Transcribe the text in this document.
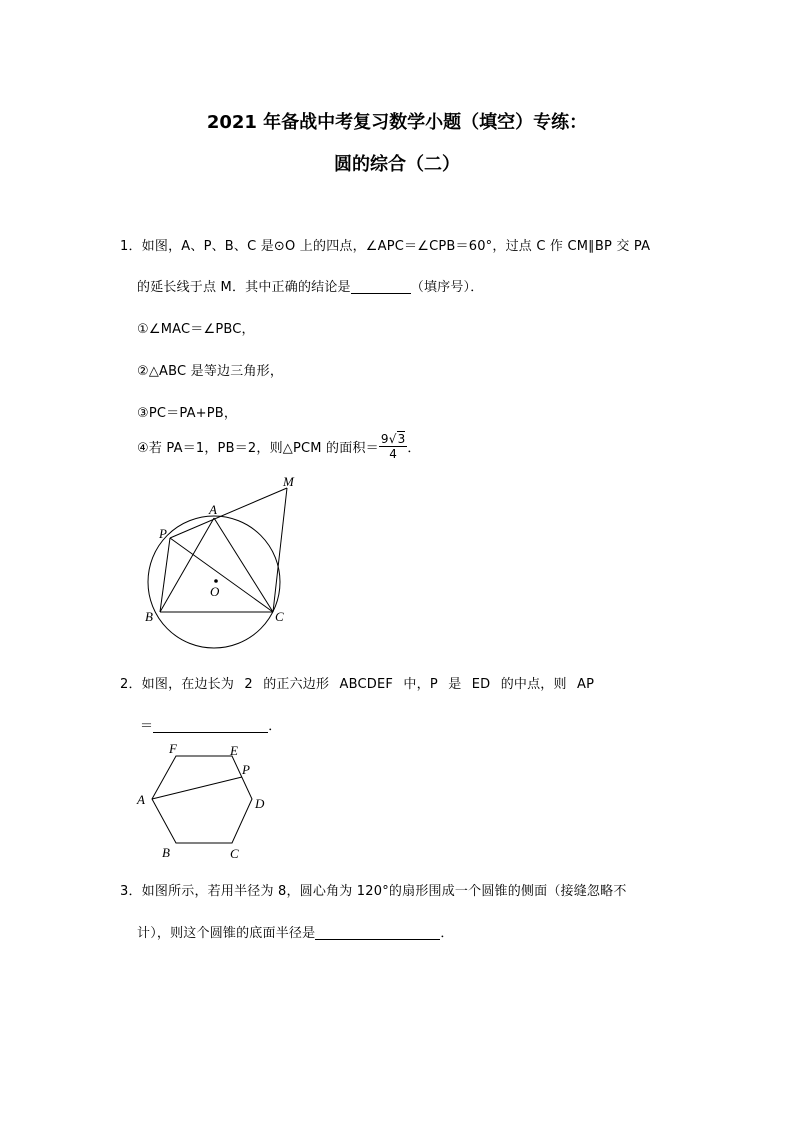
2021 年备战中考复习数学小题（填空）专练：
圆的综合（二）
1．如图，A、P、B、C 是⊙O 上的四点，∠APC＝∠CPB＝60°，过点 C 作 CM∥BP 交 PA
的延长线于点 M．其中正确的结论是	（填序号）．
①∠MAC＝∠PBC，
②△ABC 是等边三角形，
③PC＝PA+PB，
④若 PA＝1，PB＝2，则△PCM 的面积＝ $\frac{9√3}{4}$ ．
M
A
P
O
B	C
2．如图，在边长为 2 的正六边形 ABCDEF 中，P 是 ED 的中点，则 AP
＝	．
F	E
P
A	D
B	C
3．如图所示，若用半径为 8，圆心角为 120°的扇形围成一个圆锥的侧面（接缝忽略不
计），则这个圆锥的底面半径是	．
